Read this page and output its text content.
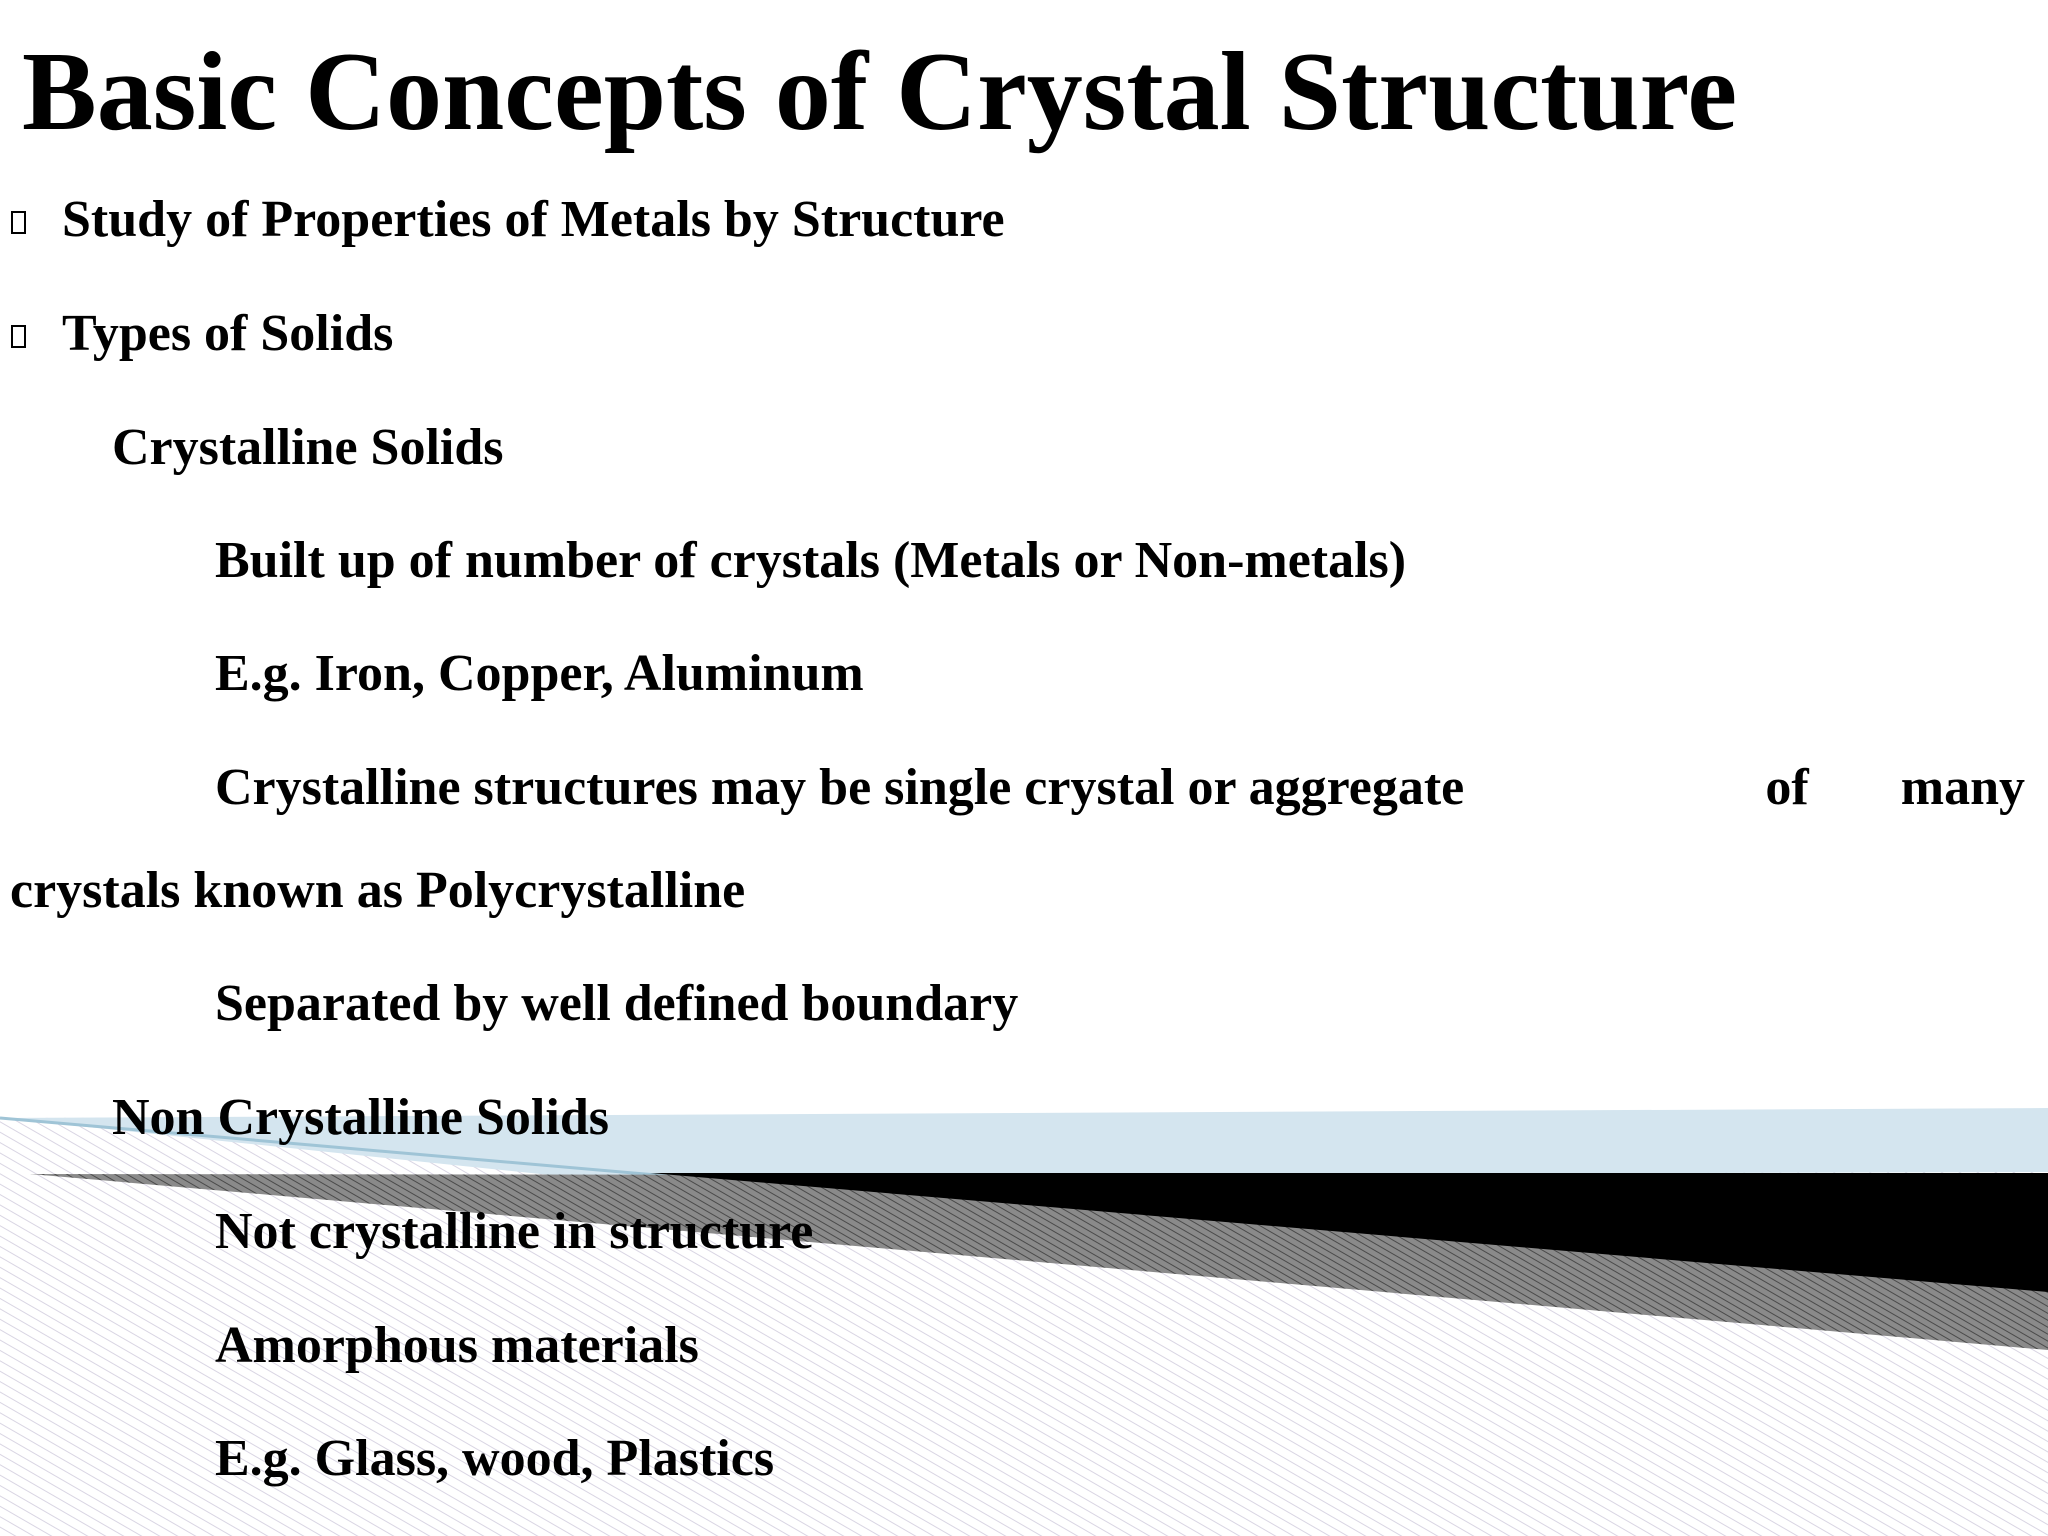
Basic Concepts of Crystal Structure
Study of Properties of Metals by Structure
Types of Solids
Crystalline Solids
Built up of number of crystals (Metals or Non-metals)
E.g. Iron, Copper, Aluminum
Crystalline structures may be single crystal or aggregate	of many
crystals known as Polycrystalline
Separated by well defined boundary
Non Crystalline Solids
Not crystalline in structure
Amorphous materials
E.g. Glass, wood, Plastics
